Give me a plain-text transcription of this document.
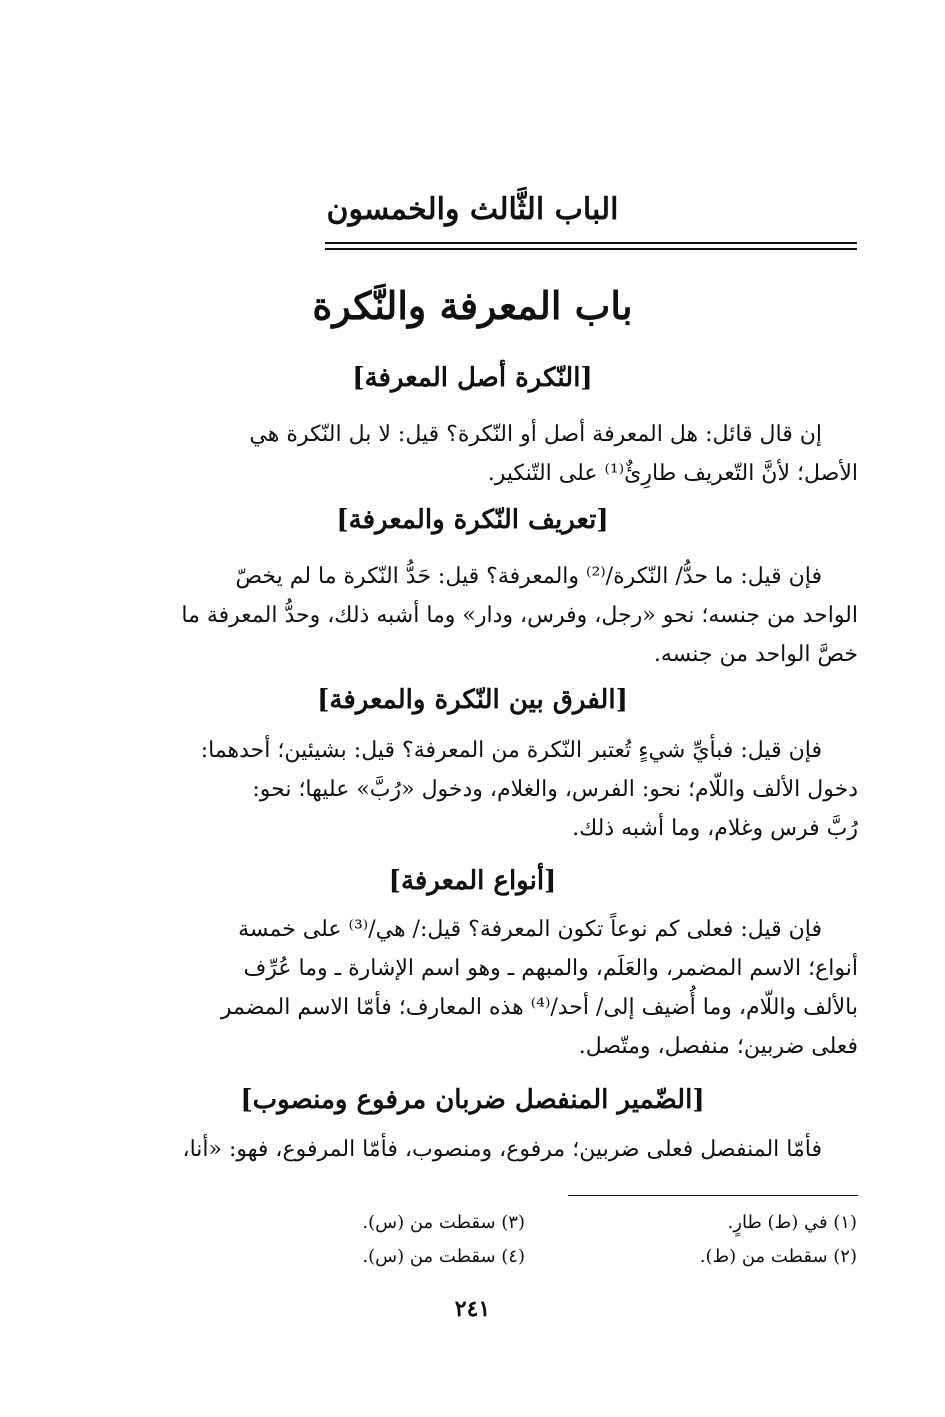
الباب الثَّالث والخمسون
باب المعرفة والنَّكرة
[النّكرة أصل المعرفة]

إن قال قائل: هل المعرفة أصل أو النّكرة؟ قيل: لا بل النّكرة هي

الأصل؛ لأنَّ التّعريف طارِئٌ⁽¹⁾ على التّنكير.

[تعريف النّكرة والمعرفة]

فإن قيل: ما حدُّ/ النّكرة/⁽²⁾ والمعرفة؟ قيل: حَدُّ النّكرة ما لم يخصّ

الواحد من جنسه؛ نحو «رجل، وفرس، ودار» وما أشبه ذلك، وحدُّ المعرفة ما

خصَّ الواحد من جنسه.

[الفرق بين النّكرة والمعرفة]

فإن قيل: فبأيِّ شيءٍ تُعتبر النّكرة من المعرفة؟ قيل: بشيئين؛ أحدهما:

دخول الألف واللّام؛ نحو: الفرس، والغلام، ودخول «رُبَّ» عليها؛ نحو:

رُبَّ فرس وغلام، وما أشبه ذلك.

[أنواع المعرفة]

فإن قيل: فعلى كم نوعاً تكون المعرفة؟ قيل:/ هي/⁽³⁾ على خمسة

أنواع؛ الاسم المضمر، والعَلَم، والمبهم ـ وهو اسم الإشارة ـ وما عُرِّف

بالألف واللّام، وما أُضيف إلى/ أحد/⁽⁴⁾ هذه المعارف؛ فأمّا الاسم المضمر

فعلى ضربين؛ منفصل، ومتّصل.

[الضّمير المنفصل ضربان مرفوع ومنصوب]

فأمّا المنفصل فعلى ضربين؛ مرفوع، ومنصوب، فأمّا المرفوع، فهو: «أنا،

(١) في (ط) طارٍ.
(٢) سقطت من (ط).
(٣) سقطت من (س).
(٤) سقطت من (س).
٢٤١
